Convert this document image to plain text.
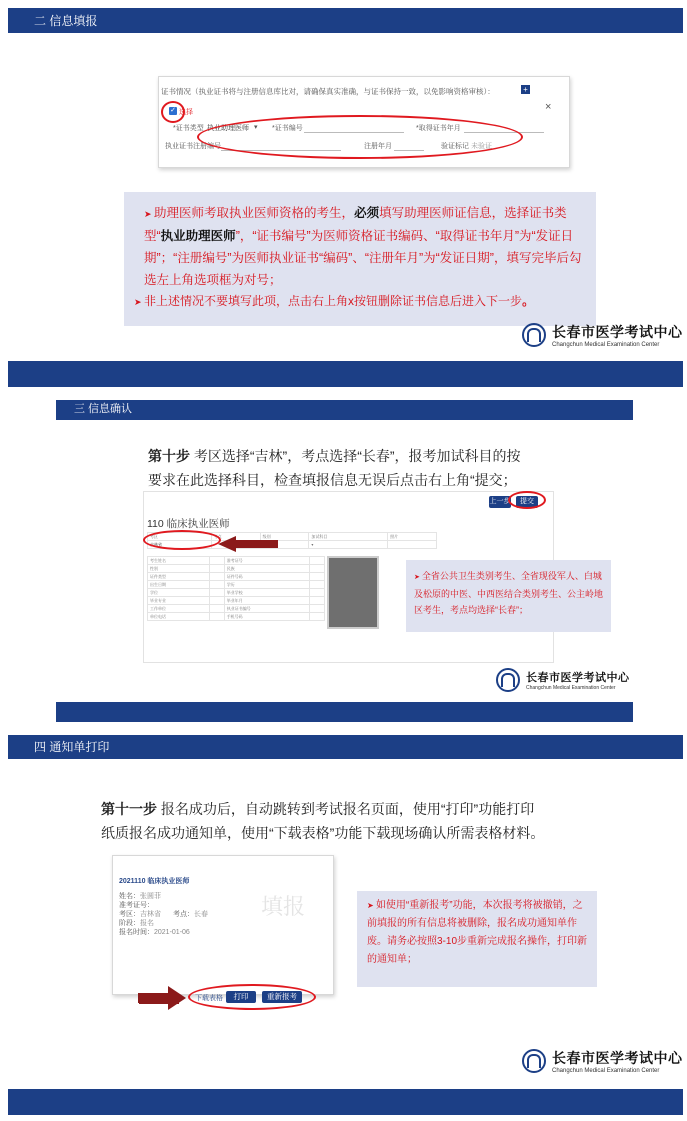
二 信息填报
证书情况（执业证书将与注册信息库比对，请确保真实准确，与证书保持一致，以免影响资格审核）：	+
×
✓ 选择
*证书类型 执业助理医师 ▾ *证书编号	*取得证书年月
执业证书注册编号	注册年月	验证标记 未验证

➤ 助理医师考取执业医师资格的考生，必须填写助理医师证信息，选择证书类型“执业助理医师”，“证书编号”为医师资格证书编码、“取得证书年月”为“发证日期”；“注册编号”为医师执业证书“编码”、“注册年月”为“发证日期”，填写完毕后勾选左上角选项框为对号；

➤ 非上述情况不要填写此项，点击右上角x按钮删除证书信息后进入下一步。

长春市医学考试中心
Changchun Medical Examination Center
三 信息确认
第十步 考区选择“吉林”，考点选择“长春”，报考加试科目的按
要求在此选择科目，检查填报信息无误后点击右上角“提交；
上一步	提交
110 临床执业医师
考区	考点	级别	加试科目	照片
吉林省			▾	
考生姓名		准考证号	
性别		民族	
证件类型		证件号码	
出生日期		学历	
学位		毕业学校	
毕业专业		毕业年月	
工作单位		执业证书编号	
单位电话		手机号码	

➤ 全省公共卫生类别考生、全省现役军人、白城及松原的中医、中西医结合类别考生、公主岭地区考生，考点均选择“长春”；

长春市医学考试中心
Changchun Medical Examination Center
四 通知单打印
第十一步 报名成功后，自动跳转到考试报名页面，使用“打印”功能打印
纸质报名成功通知单，使用“下载表格”功能下载现场确认所需表格材料。
2021110 临床执业医师
填报
姓名：张圆菲
准考证号：
考区：吉林省 考点：长春
阶段：报名
报名时间：2021-01-06
下载表格	打印	重新报考

➤ 如使用“重新报考”功能，本次报考将被撤销，之前填报的所有信息将被删除，报名成功通知单作废。请务必按照3-10步重新完成报名操作，打印新的通知单；

长春市医学考试中心
Changchun Medical Examination Center
